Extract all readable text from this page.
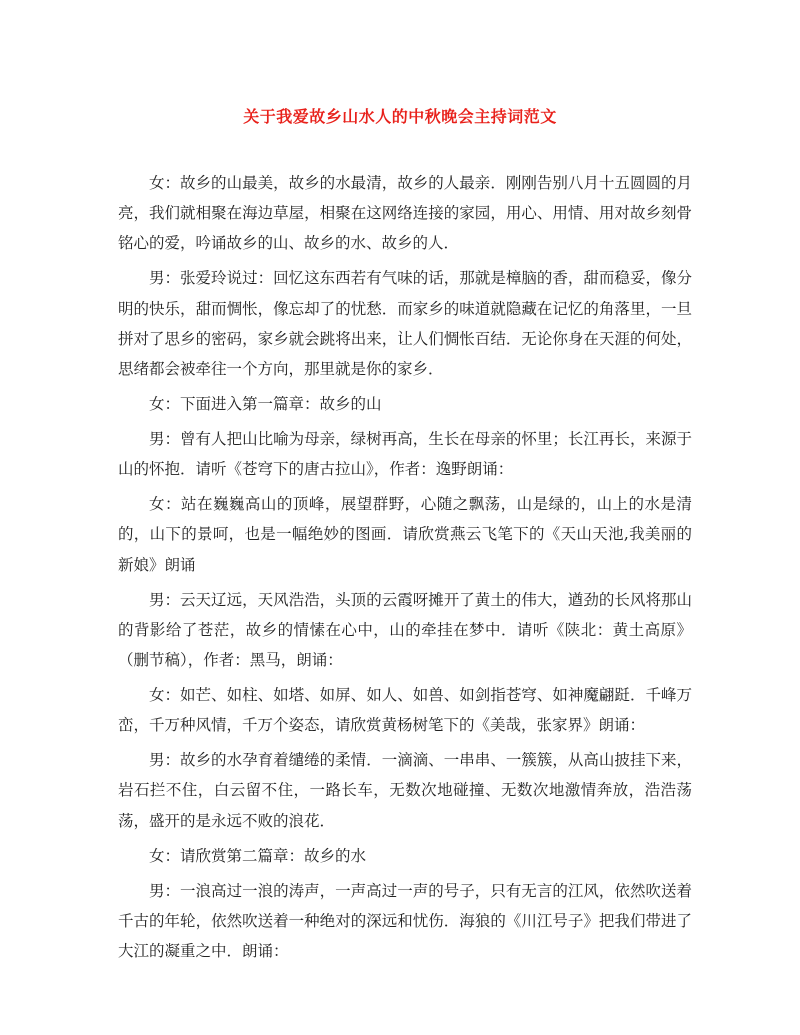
关于我爱故乡山水人的中秋晚会主持词范文

女：故乡的山最美，故乡的水最清，故乡的人最亲．刚刚告别八月十五圆圆的月亮，我们就相聚在海边草屋，相聚在这网络连接的家园，用心、用情、用对故乡刻骨铭心的爱，吟诵故乡的山、故乡的水、故乡的人．

男：张爱玲说过：回忆这东西若有气味的话，那就是樟脑的香，甜而稳妥，像分明的快乐，甜而惆怅，像忘却了的忧愁．而家乡的味道就隐藏在记忆的角落里，一旦拼对了思乡的密码，家乡就会跳将出来，让人们惆怅百结．无论你身在天涯的何处，思绪都会被牵往一个方向，那里就是你的家乡．

女：下面进入第一篇章：故乡的山

男：曾有人把山比喻为母亲，绿树再高，生长在母亲的怀里；长江再长，来源于山的怀抱．请听《苍穹下的唐古拉山》，作者：逸野朗诵：

女：站在巍巍高山的顶峰，展望群野，心随之飘荡，山是绿的，山上的水是清的，山下的景呵，也是一幅绝妙的图画．请欣赏燕云飞笔下的《天山天池,我美丽的新娘》朗诵

男：云天辽远，天风浩浩，头顶的云霞呀摊开了黄土的伟大，遒劲的长风将那山的背影给了苍茫，故乡的情愫在心中，山的牵挂在梦中．请听《陕北：黄土高原》（删节稿），作者：黑马，朗诵：

女：如芒、如柱、如塔、如屏、如人、如兽、如剑指苍穹、如神魔翩跹．千峰万峦，千万种风情，千万个姿态，请欣赏黄杨树笔下的《美哉，张家界》朗诵：

男：故乡的水孕育着缱绻的柔情．一滴滴、一串串、一簇簇，从高山披挂下来，岩石拦不住，白云留不住，一路长车，无数次地碰撞、无数次地激情奔放，浩浩荡荡，盛开的是永远不败的浪花．

女：请欣赏第二篇章：故乡的水

男：一浪高过一浪的涛声，一声高过一声的号子，只有无言的江风，依然吹送着千古的年轮，依然吹送着一种绝对的深远和忧伤．海狼的《川江号子》把我们带进了大江的凝重之中．朗诵：
